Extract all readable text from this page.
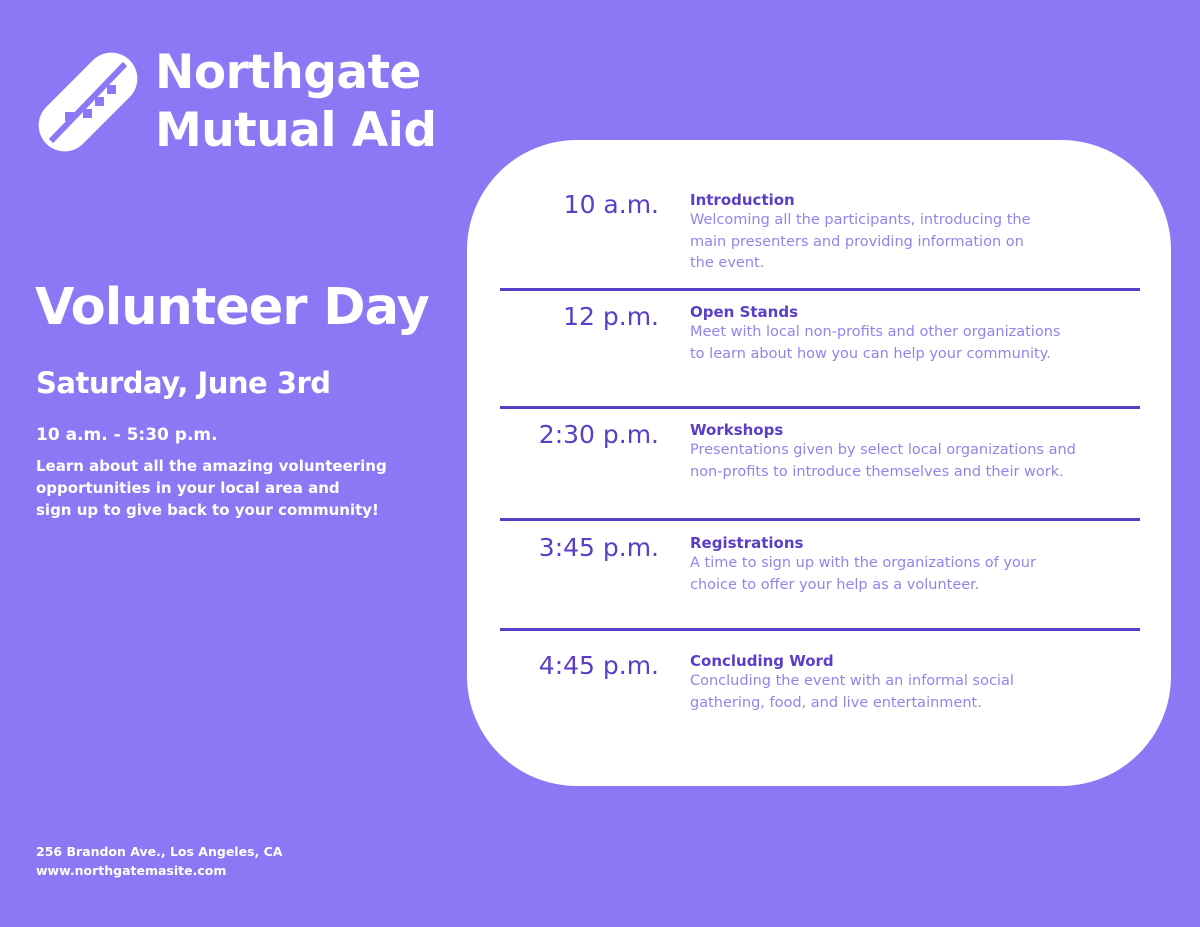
Northgate
Mutual Aid
Volunteer Day
Saturday, June 3rd
10 a.m. - 5:30 p.m.
Learn about all the amazing volunteering
opportunities in your local area and
sign up to give back to your community!
256 Brandon Ave., Los Angeles, CA
www.northgatemasite.com
10 a.m. Introduction
Welcoming all the participants, introducing the
main presenters and providing information on
the event.
12 p.m. Open Stands
Meet with local non-profits and other organizations
to learn about how you can help your community.
2:30 p.m. Workshops
Presentations given by select local organizations and
non-profits to introduce themselves and their work.
3:45 p.m. Registrations
A time to sign up with the organizations of your
choice to offer your help as a volunteer.
4:45 p.m. Concluding Word
Concluding the event with an informal social
gathering, food, and live entertainment.
